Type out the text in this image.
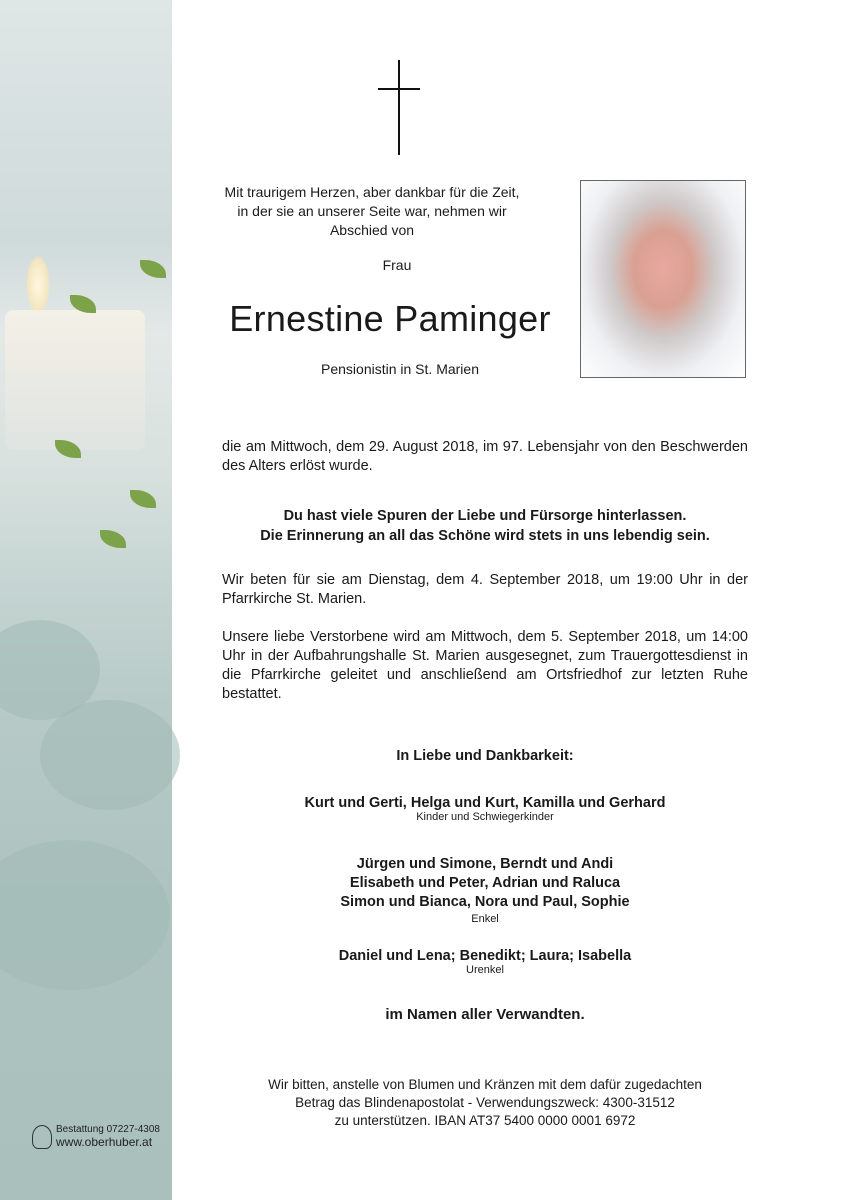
Bestattung 07227-4308
www.oberhuber.at
Mit traurigem Herzen, aber dankbar für die Zeit, in der sie an unserer Seite war, nehmen wir Abschied von
Frau
Ernestine Paminger
Pensionistin in St. Marien
die am Mittwoch, dem 29. August 2018, im 97. Lebensjahr von den Beschwerden des Alters erlöst wurde.
Du hast viele Spuren der Liebe und Fürsorge hinterlassen.
Die Erinnerung an all das Schöne wird stets in uns lebendig sein.
Wir beten für sie am Dienstag, dem 4. September 2018, um 19:00 Uhr in der Pfarrkirche St. Marien.
Unsere liebe Verstorbene wird am Mittwoch, dem 5. September 2018, um 14:00 Uhr in der Aufbahrungshalle St. Marien ausgesegnet, zum Trauergottesdienst in die Pfarrkirche geleitet und anschließend am Ortsfriedhof zur letzten Ruhe bestattet.
In Liebe und Dankbarkeit:
Kurt und Gerti, Helga und Kurt, Kamilla und Gerhard
Kinder und Schwiegerkinder
Jürgen und Simone, Berndt und Andi
Elisabeth und Peter, Adrian und Raluca
Simon und Bianca, Nora und Paul, Sophie
Enkel
Daniel und Lena; Benedikt; Laura; Isabella
Urenkel
im Namen aller Verwandten.
Wir bitten, anstelle von Blumen und Kränzen mit dem dafür zugedachten
Betrag das Blindenapostolat - Verwendungszweck: 4300-31512
zu unterstützen. IBAN AT37 5400 0000 0001 6972
